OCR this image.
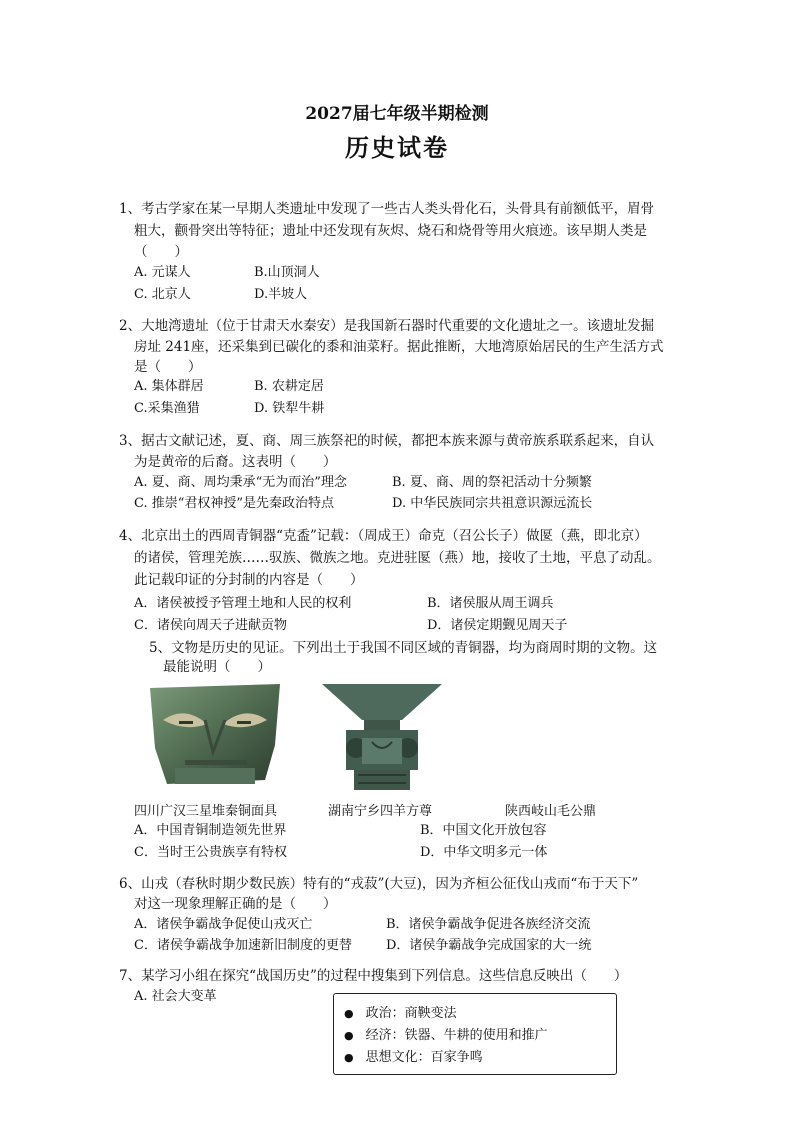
2027届七年级半期检测
历史试卷
1、考古学家在某一早期人类遗址中发现了一些古人类头骨化石，头骨具有前额低平，眉骨
粗大，颧骨突出等特征；遗址中还发现有灰烬、烧石和烧骨等用火痕迹。该早期人类是
（　　）
A. 元谋人	B.山顶洞人
C. 北京人	D.半坡人
2、大地湾遗址（位于甘肃天水秦安）是我国新石器时代重要的文化遗址之一。该遗址发掘
房址 241座，还采集到已碳化的黍和油菜籽。据此推断，大地湾原始居民的生产生活方式
是（　　）
A. 集体群居	B. 农耕定居
C.采集渔猎	D. 铁犁牛耕
3、据古文献记述，夏、商、周三族祭祀的时候，都把本族来源与黄帝族系联系起来，自认
为是黄帝的后裔。这表明（　　）
A. 夏、商、周均秉承“无为而治”理念	B. 夏、商、周的祭祀活动十分频繁
C. 推崇“君权神授”是先秦政治特点	D. 中华民族同宗共祖意识源远流长
4、北京出土的西周青铜器“克盉”记载：（周成王）命克（召公长子）做匽（燕，即北京）
的诸侯，管理羌族……驭族、微族之地。克进驻匽（燕）地，接收了土地，平息了动乱。
此记载印证的分封制的内容是（　　）
A．诸侯被授予管理土地和人民的权利	B．诸侯服从周王调兵
C．诸侯向周天子进献贡物	D．诸侯定期觐见周天子
5、文物是历史的见证。下列出土于我国不同区域的青铜器，均为商周时期的文物。这
最能说明（　　）
四川广汉三星堆秦铜面具	湖南宁乡四羊方尊	陕西岐山毛公鼎
A．中国青铜制造领先世界	B．中国文化开放包容
C．当时王公贵族享有特权	D．中华文明多元一体
6、山戎（春秋时期少数民族）特有的“戎菽”(大豆)，因为齐桓公征伐山戎而“布于天下”
对这一现象理解正确的是（　　）
A．诸侯争霸战争促使山戎灭亡	B．诸侯争霸战争促进各族经济交流
C．诸侯争霸战争加速新旧制度的更替	D．诸侯争霸战争完成国家的大一统
7、某学习小组在探究“战国历史”的过程中搜集到下列信息。这些信息反映出（　　）
A. 社会大变革
● 政治：商鞅变法
● 经济：铁器、牛耕的使用和推广
● 思想文化：百家争鸣
